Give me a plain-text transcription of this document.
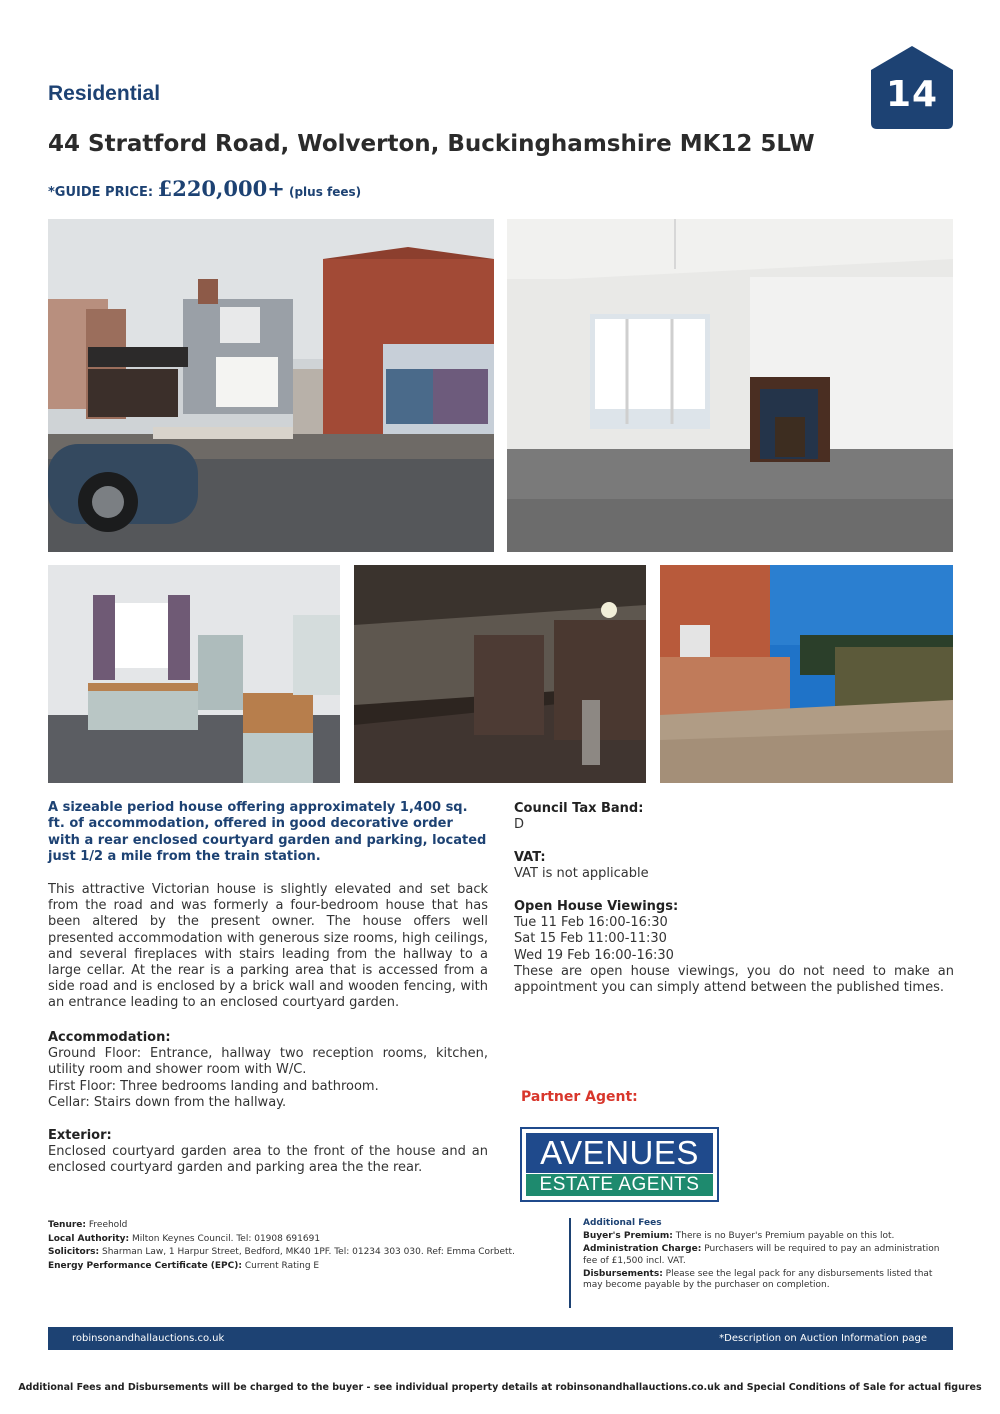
Residential	14
44 Stratford Road, Wolverton, Buckinghamshire MK12 5LW
*GUIDE PRICE: £220,000+ (plus fees)
A sizeable period house offering approximately 1,400 sq. ft. of accommodation, offered in good decorative order with a rear enclosed courtyard garden and parking, located just 1/2 a mile from the train station.
This attractive Victorian house is slightly elevated and set back from the road and was formerly a four-bedroom house that has been altered by the present owner. The house offers well presented accommodation with generous size rooms, high ceilings, and several fireplaces with stairs leading from the hallway to a large cellar. At the rear is a parking area that is accessed from a side road and is enclosed by a brick wall and wooden fencing, with an entrance leading to an enclosed courtyard garden.
Accommodation:
Ground Floor: Entrance, hallway two reception rooms, kitchen, utility room and shower room with W/C.
First Floor: Three bedrooms landing and bathroom.
Cellar: Stairs down from the hallway.
Exterior:
Enclosed courtyard garden area to the front of the house and an enclosed courtyard garden and parking area the the rear.
Council Tax Band:
D
VAT:
VAT is not applicable
Open House Viewings:
Tue 11 Feb 16:00-16:30
Sat 15 Feb 11:00-11:30
Wed 19 Feb 16:00-16:30
These are open house viewings, you do not need to make an appointment you can simply attend between the published times.
Partner Agent:
AVENUES
ESTATE AGENTS
Tenure: Freehold
Local Authority: Milton Keynes Council. Tel: 01908 691691
Solicitors: Sharman Law, 1 Harpur Street, Bedford, MK40 1PF. Tel: 01234 303 030. Ref: Emma Corbett.
Energy Performance Certificate (EPC): Current Rating E
Additional Fees

Buyer's Premium: There is no Buyer's Premium payable on this lot.

Administration Charge: Purchasers will be required to pay an administration fee of £1,500 incl. VAT.

Disbursements: Please see the legal pack for any disbursements listed that may become payable by the purchaser on completion.

robinsonandhallauctions.co.uk	*Description on Auction Information page
Additional Fees and Disbursements will be charged to the buyer - see individual property details at robinsonandhallauctions.co.uk and Special Conditions of Sale for actual figures
